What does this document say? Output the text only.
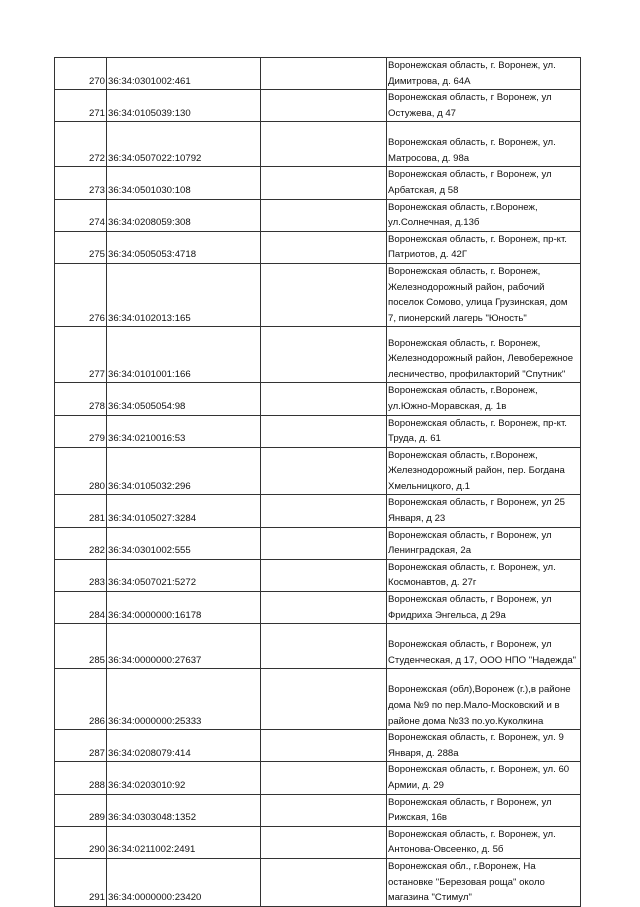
270	36:34:0301002:461		Воронежская область, г. Воронеж, ул. Димитрова, д. 64А
271	36:34:0105039:130		Воронежская область, г Воронеж, ул Остужева, д 47
272	36:34:0507022:10792		Воронежская область, г. Воронеж, ул. Матросова, д. 98а
273	36:34:0501030:108		Воронежская область, г Воронеж, ул Арбатская, д 58
274	36:34:0208059:308		Воронежская область, г.Воронеж, ул.Солнечная, д.13б
275	36:34:0505053:4718		Воронежская область, г. Воронеж, пр-кт. Патриотов, д. 42Г
276	36:34:0102013:165		Воронежская область, г. Воронеж, Железнодорожный район, рабочий поселок Сомово, улица Грузинская, дом 7, пионерский лагерь "Юность"
277	36:34:0101001:166		Воронежская область, г. Воронеж, Железнодорожный район, Левобережное лесничество, профилакторий "Спутник"
278	36:34:0505054:98		Воронежская область, г.Воронеж, ул.Южно-Моравская, д. 1в
279	36:34:0210016:53		Воронежская область, г. Воронеж, пр-кт. Труда, д. 61
280	36:34:0105032:296		Воронежская область, г.Воронеж, Железнодорожный район, пер. Богдана Хмельницкого, д.1
281	36:34:0105027:3284		Воронежская область, г Воронеж, ул 25 Января, д 23
282	36:34:0301002:555		Воронежская область, г Воронеж, ул Ленинградская, 2а
283	36:34:0507021:5272		Воронежская область, г. Воронеж, ул. Космонавтов, д. 27г
284	36:34:0000000:16178		Воронежская область, г Воронеж, ул Фридриха Энгельса, д 29а
285	36:34:0000000:27637		Воронежская область, г Воронеж, ул Студенческая, д 17, ООО НПО "Надежда"
286	36:34:0000000:25333		Воронежская (обл),Воронеж (г.),в районе дома №9 по пер.Мало-Московский и в районе дома №33 по.уо.Куколкина
287	36:34:0208079:414		Воронежская область, г. Воронеж, ул. 9 Января, д. 288а
288	36:34:0203010:92		Воронежская область, г. Воронеж, ул. 60 Армии, д. 29
289	36:34:0303048:1352		Воронежская область, г Воронеж, ул Рижская, 16в
290	36:34:0211002:2491		Воронежская область, г. Воронеж, ул. Антонова-Овсеенко, д. 5б
291	36:34:0000000:23420		Воронежская обл., г.Воронеж, На остановке "Березовая роща" около магазина "Стимул"
